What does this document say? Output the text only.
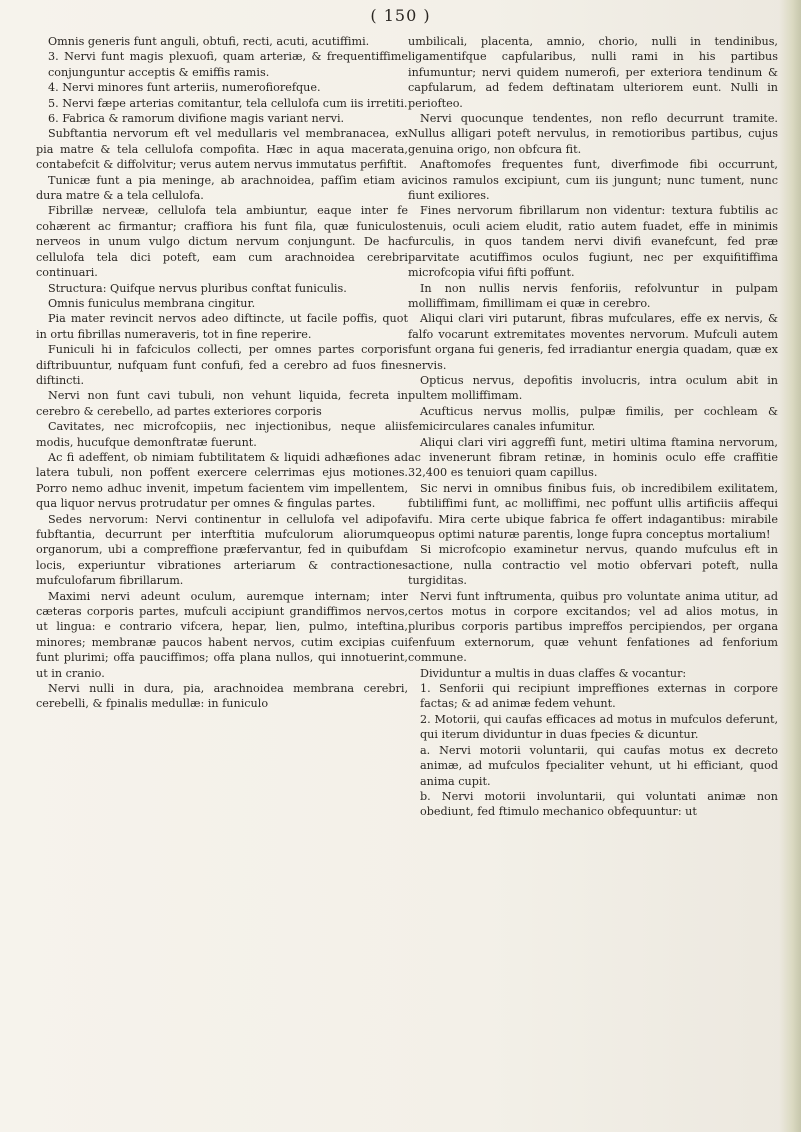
( 150 )

Omnis generis funt anguli, obtufi, recti, acuti, acutiffimi.

3. Nervi funt magis plexuofi, quam arteriæ, & frequentiffime conjunguntur acceptis & emiffis ramis.

4. Nervi minores funt arteriis, numerofiorefque.

5. Nervi fæpe arterias comitantur, tela cellulofa cum iis irretiti.

6. Fabrica & ramorum divifione magis variant nervi.

Subftantia nervorum eft vel medullaris vel membranacea, ex pia matre & tela cellulofa compofita. Hæc in aqua macerata, contabefcit & diffolvitur; verus autem nervus immutatus perfiftit.

Tunicæ funt a pia meninge, ab arachnoidea, pafſim etiam a dura matre & a tela cellulofa.

Fibrillæ nerveæ, cellulofa tela ambiuntur, eaque inter fe cohærent ac firmantur; craffiora his funt fila, quæ funiculos nerveos in unum vulgo dictum nervum conjungunt. De hac cellulofa tela dici poteft, eam cum arachnoidea cerebri continuari.

Structura: Quifque nervus pluribus conftat funiculis.

Omnis funiculus membrana cingitur.

Pia mater revincit nervos adeo diftincte, ut facile poffis, quot in ortu fibrillas numeraveris, tot in fine reperire.

Funiculi hi in fafciculos collecti, per omnes partes corporis diftribuuntur, nufquam funt confufi, fed a cerebro ad fuos fines diftincti.

Nervi non funt cavi tubuli, non vehunt liquida, fecreta in cerebro & cerebello, ad partes exteriores corporis

Cavitates, nec microfcopiis, nec injectionibus, neque aliis modis, hucufque demonftratæ fuerunt.

Ac fi adeffent, ob nimiam fubtilitatem & liquidi adhæfiones ad latera tubuli, non poffent exercere celerrimas ejus motiones. Porro nemo adhuc invenit, impetum facientem vim impellentem, qua liquor nervus protrudatur per omnes & fingulas partes.

Sedes nervorum: Nervi continentur in cellulofa vel adipofa fubftantia, decurrunt per interftitia mufculorum aliorumque organorum, ubi a compreffione præfervantur, fed in quibufdam locis, experiuntur vibrationes arteriarum & contractiones mufculofarum fibrillarum.

Maximi nervi adeunt oculum, auremque internam; inter cæteras corporis partes, mufculi accipiunt grandiffimos nervos, ut lingua: e contrario vifcera, hepar, lien, pulmo, inteftina, minores; membranæ paucos habent nervos, cutim excipias cui funt plurimi; offa pauciffimos; offa plana nullos, qui innotuerint, ut in cranio.

Nervi nulli in dura, pia, arachnoidea membrana cerebri, cerebelli, & fpinalis medullæ: in funiculo

umbilicali, placenta, amnio, chorio, nulli in tendinibus, ligamentifque capfularibus, nulli rami in his partibus infumuntur; nervi quidem numerofi, per exteriora tendinum & capfularum, ad fedem deftinatam ulteriorem eunt. Nulli in periofteo.

Nervi quocunque tendentes, non reflo decurrunt tramite. Nullus alligari poteft nervulus, in remotioribus partibus, cujus genuina origo, non obfcura fit.

Anaftomofes frequentes funt, diverfimode fibi occurrunt, vicinos ramulos excipiunt, cum iis jungunt; nunc tument, nunc fiunt exiliores.

Fines nervorum fibrillarum non videntur: textura fubtilis ac tenuis, oculi aciem eludit, ratio autem fuadet, effe in minimis furculis, in quos tandem nervi divifi evanefcunt, fed præ parvitate acutiffimos oculos fugiunt, nec per exquifitiffima microfcopia vifui fifti poffunt.

In non nullis nervis fenforiis, refolvuntur in pulpam molliffimam, fimillimam ei quæ in cerebro.

Aliqui clari viri putarunt, fibras mufculares, effe ex nervis, & falfo vocarunt extremitates moventes nervorum. Mufculi autem funt organa fui generis, fed irradiantur energia quadam, quæ ex nervis.

Opticus nervus, depofitis involucris, intra oculum abit in pultem molliffimam.

Acufticus nervus mollis, pulpæ fimilis, per cochleam & femicirculares canales infumitur.

Aliqui clari viri aggreffi funt, metiri ultima ftamina nervorum, ac invenerunt fibram retinæ, in hominis oculo effe craffitie 32,400 es tenuiori quam capillus.

Sic nervi in omnibus finibus fuis, ob incredibilem exilitatem, fubtiliffimi funt, ac molliffimi, nec poffunt ullis artificiis affequi vifu. Mira certe ubique fabrica fe offert indagantibus: mirabile opus optimi naturæ parentis, longe fupra conceptus mortalium!

Si microfcopio examinetur nervus, quando mufculus eft in actione, nulla contractio vel motio obfervari poteft, nulla turgiditas.

Nervi funt inftrumenta, quibus pro voluntate anima utitur, ad certos motus in corpore excitandos; vel ad alios motus, in pluribus corporis partibus impreffos percipiendos, per organa fenfuum externorum, quæ vehunt fenfationes ad fenforium commune.

Dividuntur a multis in duas claffes & vocantur:

1. Senforii qui recipiunt impreffiones externas in corpore factas; & ad animæ fedem vehunt.

2. Motorii, qui caufas efficaces ad motus in mufculos deferunt, qui iterum dividuntur in duas fpecies & dicuntur.

a. Nervi motorii voluntarii, qui caufas motus ex decreto animæ, ad mufculos fpecialiter vehunt, ut hi efficiant, quod anima cupit.

b. Nervi motorii involuntarii, qui voluntati animæ non obediunt, fed ftimulo mechanico obfequuntur: ut
